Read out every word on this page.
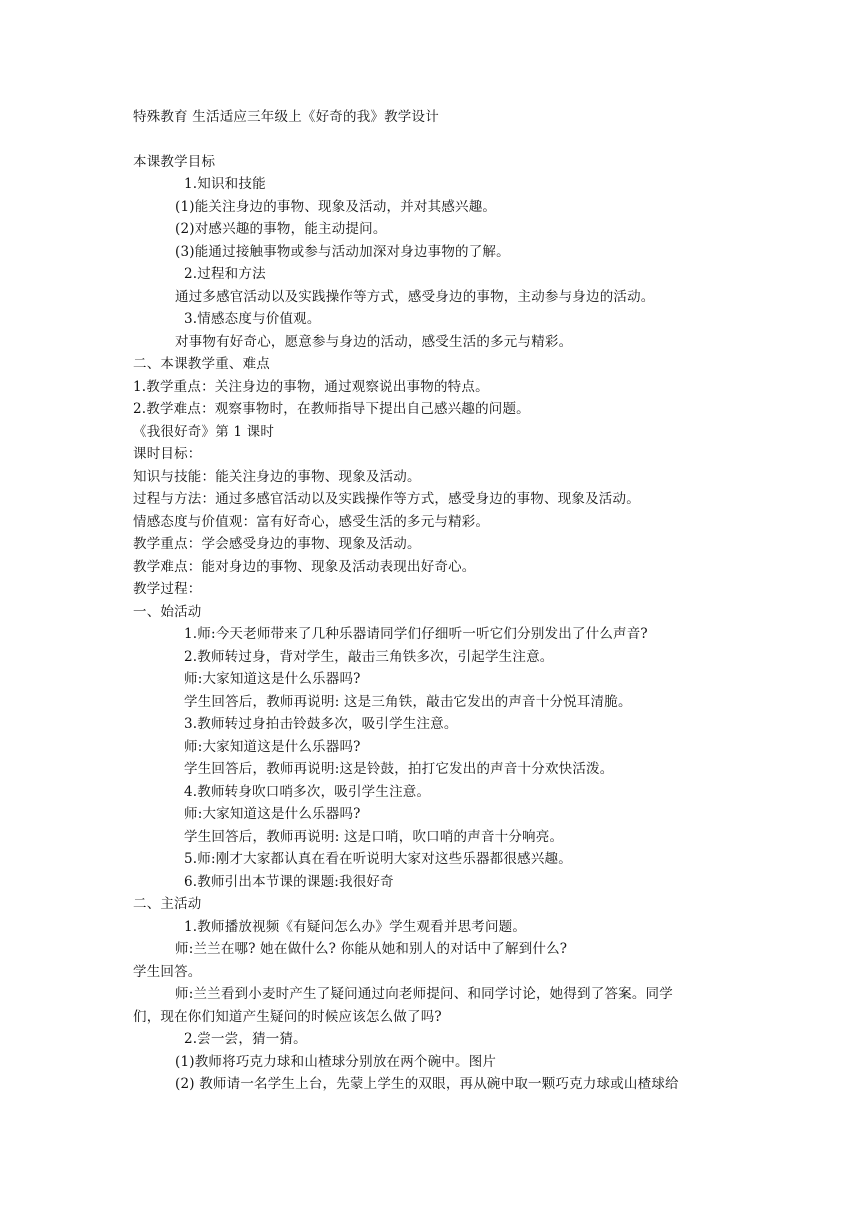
特殊教育 生活适应三年级上《好奇的我》教学设计
本课教学目标
1.知识和技能
(1)能关注身边的事物、现象及活动，并对其感兴趣。
(2)对感兴趣的事物，能主动提问。
(3)能通过接触事物或参与活动加深对身边事物的了解。
2.过程和方法
通过多感官活动以及实践操作等方式，感受身边的事物，主动参与身边的活动。
3.情感态度与价值观。
对事物有好奇心，愿意参与身边的活动，感受生活的多元与精彩。
二、本课教学重、难点
1.教学重点：关注身边的事物，通过观察说出事物的特点。
2.教学难点：观察事物时，在教师指导下提出自己感兴趣的问题。
《我很好奇》第 1 课时
课时目标：
知识与技能：能关注身边的事物、现象及活动。
过程与方法：通过多感官活动以及实践操作等方式，感受身边的事物、现象及活动。
情感态度与价值观：富有好奇心，感受生活的多元与精彩。
教学重点：学会感受身边的事物、现象及活动。
教学难点：能对身边的事物、现象及活动表现出好奇心。
教学过程：
一、始活动
1.师:今天老师带来了几种乐器请同学们仔细听一听它们分别发出了什么声音?
2.教师转过身，背对学生，敲击三角铁多次，引起学生注意。
师:大家知道这是什么乐器吗?
学生回答后，教师再说明: 这是三角铁，敲击它发出的声音十分悦耳清脆。
3.教师转过身拍击铃鼓多次，吸引学生注意。
师:大家知道这是什么乐器吗?
学生回答后，教师再说明:这是铃鼓，拍打它发出的声音十分欢快活泼。
4.教师转身吹口哨多次，吸引学生注意。
师:大家知道这是什么乐器吗?
学生回答后，教师再说明: 这是口哨，吹口哨的声音十分响亮。
5.师:刚才大家都认真在看在听说明大家对这些乐器都很感兴趣。
6.教师引出本节课的课题:我很好奇
二、主活动
1.教师播放视频《有疑问怎么办》学生观看并思考问题。
师:兰兰在哪? 她在做什么? 你能从她和别人的对话中了解到什么?
学生回答。
师:兰兰看到小麦时产生了疑问通过向老师提问、和同学讨论，她得到了答案。同学
们，现在你们知道产生疑问的时候应该怎么做了吗?
2.尝一尝，猜一猜。
(1)教师将巧克力球和山楂球分别放在两个碗中。图片
(2) 教师请一名学生上台，先蒙上学生的双眼，再从碗中取一颗巧克力球或山楂球给
